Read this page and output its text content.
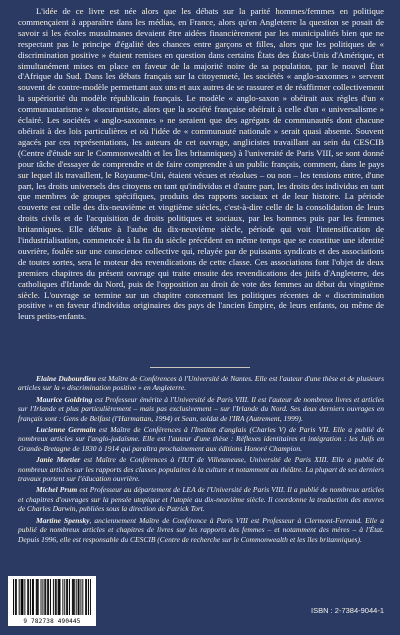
L'idée de ce livre est née alors que les débats sur la parité hommes/femmes en politique commençaient à apparaître dans les médias, en France, alors qu'en Angleterre la question se posait de savoir si les écoles musulmanes devaient être aidées financièrement par les municipalités bien que ne respectant pas le principe d'égalité des chances entre garçons et filles, alors que les politiques de « discrimination positive » étaient remises en question dans certains États des États-Unis d'Amérique, et simultanément mises en place en faveur de la majorité noire de sa population, par le nouvel État d'Afrique du Sud. Dans les débats français sur la citoyenneté, les sociétés « anglo-saxonnes » servent souvent de contre-modèle permettant aux uns et aux autres de se rassurer et de réaffirmer collectivement la supériorité du modèle républicain français. Le modèle « anglo-saxon » obéirait aux règles d'un « communautarisme » obscurantiste, alors que la société française obéirait à celle d'un « universalisme » éclairé. Les sociétés « anglo-saxonnes » ne seraient que des agrégats de communautés dont chacune obéirait à des lois particulières et où l'idée de « communauté nationale » serait quasi absente. Souvent agacés par ces représentations, les auteurs de cet ouvrage, anglicistes travaillant au sein du CESCIB (Centre d'étude sur le Commonwealth et les Îles britanniques) à l'université de Paris VIII, se sont donné pour tâche d'essayer de comprendre et de faire comprendre à un public français, comment, dans le pays sur lequel ils travaillent, le Royaume-Uni, étaient vécues et résolues – ou non – les tensions entre, d'une part, les droits universels des citoyens en tant qu'individus et d'autre part, les droits des individus en tant que membres de groupes spécifiques, produits des rapports sociaux et de leur histoire. La période couverte est celle des dix-neuvième et vingtième siècles, c'est-à-dire celle de la consolidation de leurs droits civils et de l'acquisition de droits politiques et sociaux, par les hommes puis par les femmes britanniques. Elle débute à l'aube du dix-neuvième siècle, période qui voit l'intensification de l'industrialisation, commencée à la fin du siècle précédent en même temps que se constitue une identité ouvrière, foulée sur une conscience collective qui, relayée par de puissants syndicats et des associations de toutes sortes, sera le moteur des revendications de cette classe. Ces associations font l'objet de deux premiers chapitres du présent ouvrage qui traite ensuite des revendications des juifs d'Angleterre, des catholiques d'Irlande du Nord, puis de l'opposition au droit de vote des femmes au début du vingtième siècle. L'ouvrage se termine sur un chapitre concernant les politiques récentes de « discrimination positive » en faveur d'individus originaires des pays de l'ancien Empire, de leurs enfants, ou même de leurs petits-enfants.

Elaine Dubourdieu est Maître de Conférences à l'Université de Nantes. Elle est l'auteur d'une thèse et de plusieurs articles sur la « discrimination positive » en Angleterre.

Maurice Goldring est Professeur émérite à l'Université de Paris VIII. Il est l'auteur de nombreux livres et articles sur l'Irlande et plus particulièrement – mais pas exclusivement – sur l'Irlande du Nord. Ses deux derniers ouvrages en français sont : Gens de Belfast (l'Harmattan, 1994) et Sean, soldat de l'IRA (Autrement, 1999).

Lucienne Germain est Maître de Conférences à l'Institut d'anglais (Charles V) de Paris VII. Elle a publié de nombreux articles sur l'anglo-judaïsme. Elle est l'auteur d'une thèse : Réflexes identitaires et intégration : les Juifs en Grande-Bretagne de 1830 à 1914 qui paraîtra prochainement aux éditions Honoré Champion.

Janie Mortier est Maître de Conférences à l'IUT de Villetaneuse, Université de Paris XIII. Elle a publié de nombreux articles sur les rapports des classes populaires à la culture et notamment au théâtre. La plupart de ses derniers travaux portent sur l'éducation ouvrière.

Michel Prum est Professeur au département de LEA de l'Université de Paris VIII. Il a publié de nombreux articles et chapitres d'ouvrages sur la pensée utopique et l'utopie au dix-neuvième siècle. Il coordonne la traduction des œuvres de Charles Darwin, publiées sous la direction de Patrick Tort.

Martine Spensky, anciennement Maître de Conférence à Paris VIII est Professeur à Clermont-Ferrand. Elle a publié de nombreux articles et chapitres de livres sur les rapports des femmes – et notamment des mères – à l'État. Depuis 1996, elle est responsable du CESCIB (Centre de recherche sur le Commonwealth et les îles britanniques).

9 782738 490445
ISBN : 2-7384-9044-1
